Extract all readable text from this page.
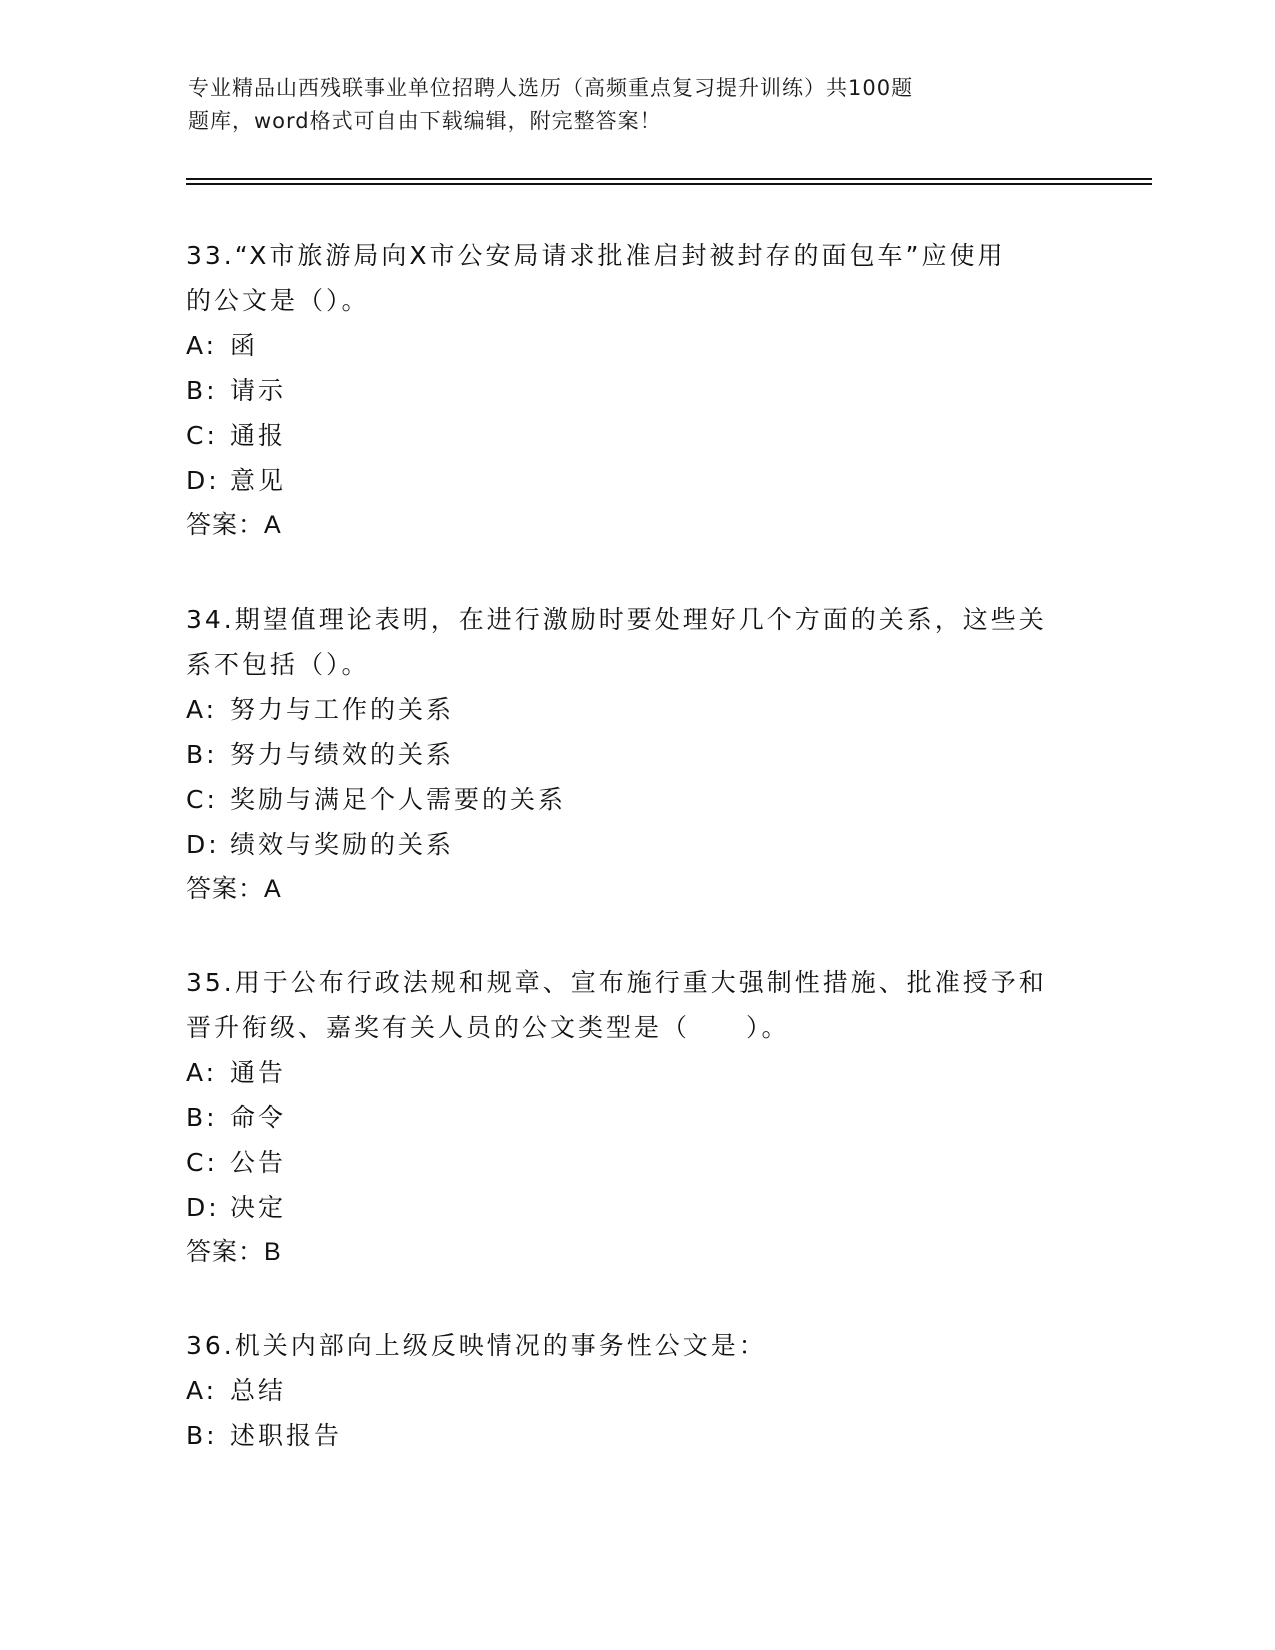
专业精品山西残联事业单位招聘人选历（高频重点复习提升训练）共100题
题库，word格式可自由下载编辑，附完整答案！

33.“X市旅游局向X市公安局请求批准启封被封存的面包车”应使用

的公文是（）。

A: 函

B: 请示

C: 通报

D: 意见

答案：A

34.期望值理论表明，在进行激励时要处理好几个方面的关系，这些关

系不包括（）。

A: 努力与工作的关系

B: 努力与绩效的关系

C: 奖励与满足个人需要的关系

D: 绩效与奖励的关系

答案：A

35.用于公布行政法规和规章、宣布施行重大强制性措施、批准授予和

晋升衔级、嘉奖有关人员的公文类型是（　　）。

A: 通告

B: 命令

C: 公告

D: 决定

答案：B

36.机关内部向上级反映情况的事务性公文是：

A: 总结

B: 述职报告
